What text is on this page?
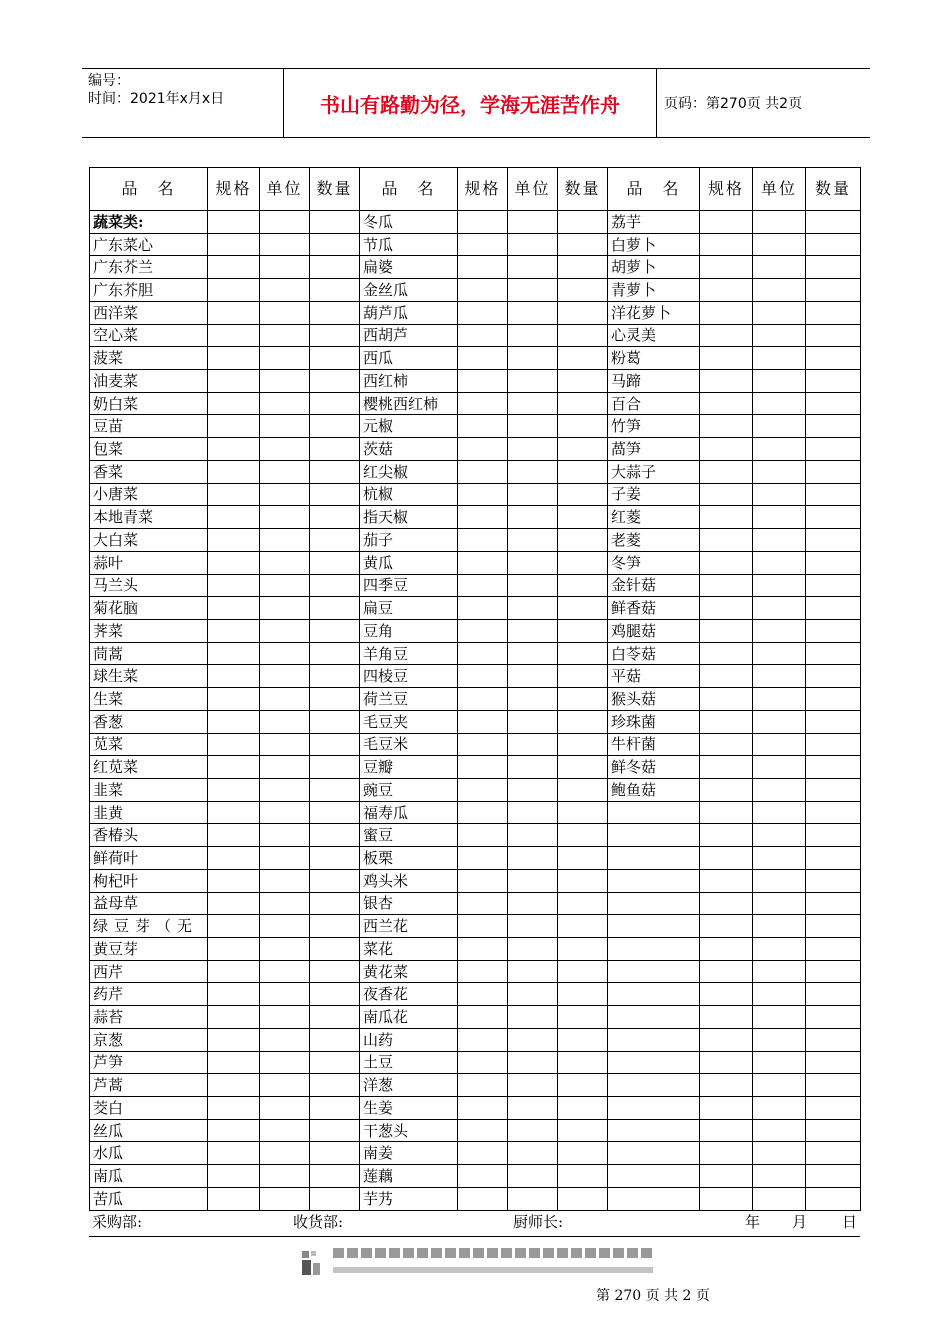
编号：
时间：2021年x月x日	书山有路勤为径，学海无涯苦作舟	页码：第270页 共2页
品　名	规格	单位	数量	品　名	规格	单位	数量	品　名	规格	单位	数量
蔬菜类:				冬瓜				荔芋			
广东菜心				节瓜				白萝卜			
广东芥兰				扁婆				胡萝卜			
广东芥胆				金丝瓜				青萝卜			
西洋菜				葫芦瓜				洋花萝卜			
空心菜				西胡芦				心灵美			
菠菜				西瓜				粉葛			
油麦菜				西红柿				马蹄			
奶白菜				樱桃西红柿				百合			
豆苗				元椒				竹笋			
包菜				茨菇				萵笋			
香菜				红尖椒				大蒜子			
小唐菜				杭椒				子姜			
本地青菜				指天椒				红菱			
大白菜				茄子				老菱			
蒜叶				黄瓜				冬笋			
马兰头				四季豆				金针菇			
菊花脑				扁豆				鲜香菇			
荠菜				豆角				鸡腿菇			
茼蒿				羊角豆				白苓菇			
球生菜				四棱豆				平菇			
生菜				荷兰豆				猴头菇			
香葱				毛豆夹				珍珠菌			
苋菜				毛豆米				牛杆菌			
红苋菜				豆瓣				鲜冬菇			
韭菜				豌豆				鲍鱼菇			
韭黄				福寿瓜							
香椿头				蜜豆							
鲜荷叶				板栗							
枸杞叶				鸡头米							
益母草				银杏							
绿豆芽（无				西兰花							
黄豆芽				菜花							
西芹				黄花菜							
药芹				夜香花							
蒜苔				南瓜花							
京葱				山药							
芦笋				土豆							
芦蒿				洋葱							
茭白				生姜							
丝瓜				干葱头							
水瓜				南姜							
南瓜				莲藕							
苦瓜				芋艿							
采购部:	收货部:	厨师长:	年 月 日
第 270 页 共 2 页
